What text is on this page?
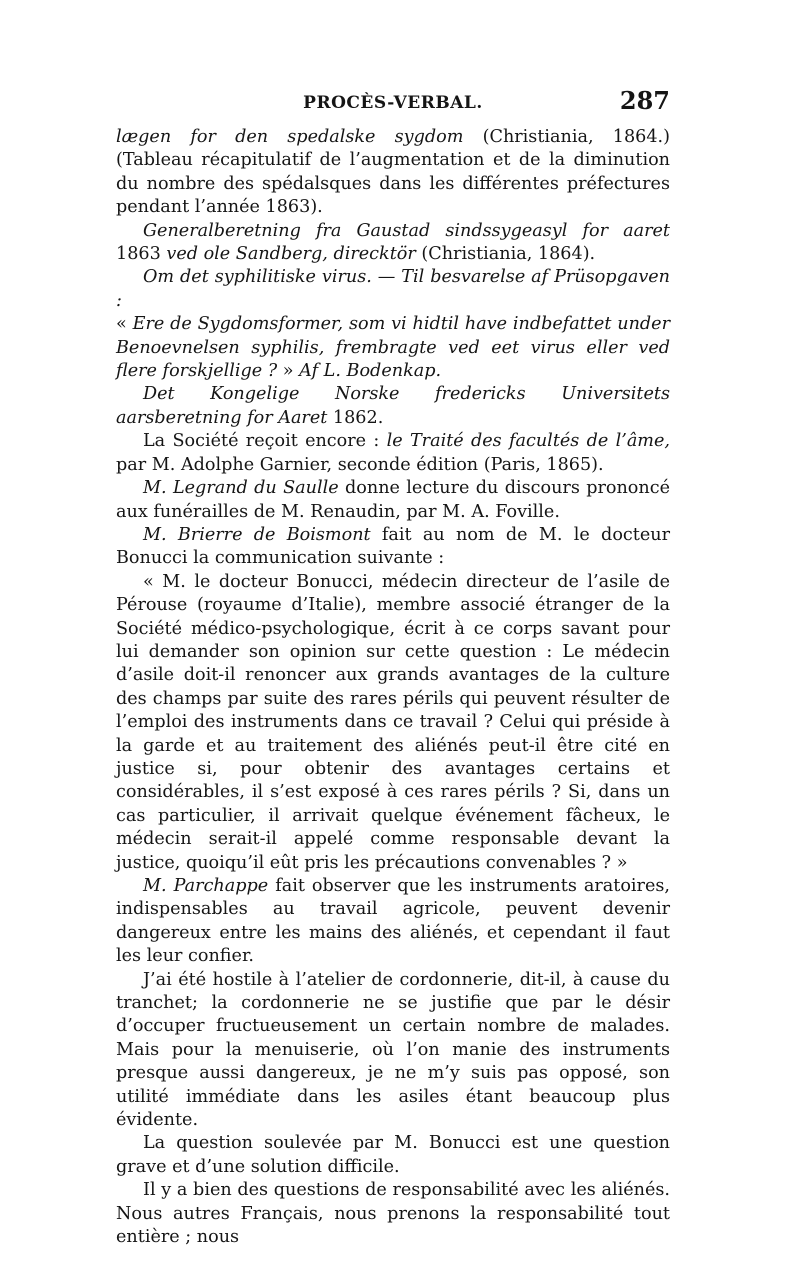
PROCÈS-VERBAL.	287

lægen for den spedalske sygdom (Christiania, 1864.) (Tableau récapitulatif de l’augmentation et de la diminution du nombre des spédalsques dans les différentes préfectures pendant l’année 1863).

Generalberetning fra Gaustad sindssygeasyl for aaret 1863 ved ole Sandberg, direcktör (Christiania, 1864).

Om det syphilitiske virus. — Til besvarelse af Prüsopgaven :

« Ere de Sygdomsformer, som vi hidtil have indbefattet under Benoevnelsen syphilis, frembragte ved eet virus eller ved flere forskjellige ? » Af L. Bodenkap.

Det Kongelige Norske fredericks Universitets aarsberetning for Aaret 1862.

La Société reçoit encore : le Traité des facultés de l’âme, par M. Adolphe Garnier, seconde édition (Paris, 1865).

M. Legrand du Saulle donne lecture du discours prononcé aux funérailles de M. Renaudin, par M. A. Foville.

M. Brierre de Boismont fait au nom de M. le docteur Bonucci la communication suivante :

« M. le docteur Bonucci, médecin directeur de l’asile de Pérouse (royaume d’Italie), membre associé étranger de la Société médico-psychologique, écrit à ce corps savant pour lui demander son opinion sur cette question : Le médecin d’asile doit-il renoncer aux grands avantages de la culture des champs par suite des rares périls qui peuvent résulter de l’emploi des instruments dans ce travail ? Celui qui préside à la garde et au traitement des aliénés peut-il être cité en justice si, pour obtenir des avantages certains et considérables, il s’est exposé à ces rares périls ? Si, dans un cas particulier, il arrivait quelque événement fâcheux, le médecin serait-il appelé comme responsable devant la justice, quoiqu’il eût pris les précautions convenables ? »

M. Parchappe fait observer que les instruments aratoires, indispensables au travail agricole, peuvent devenir dangereux entre les mains des aliénés, et cependant il faut les leur confier.

J’ai été hostile à l’atelier de cordonnerie, dit-il, à cause du tranchet; la cordonnerie ne se justifie que par le désir d’occuper fructueusement un certain nombre de malades. Mais pour la menuiserie, où l’on manie des instruments presque aussi dangereux, je ne m’y suis pas opposé, son utilité immédiate dans les asiles étant beaucoup plus évidente.

La question soulevée par M. Bonucci est une question grave et d’une solution difficile.

Il y a bien des questions de responsabilité avec les aliénés. Nous autres Français, nous prenons la responsabilité tout entière ; nous
